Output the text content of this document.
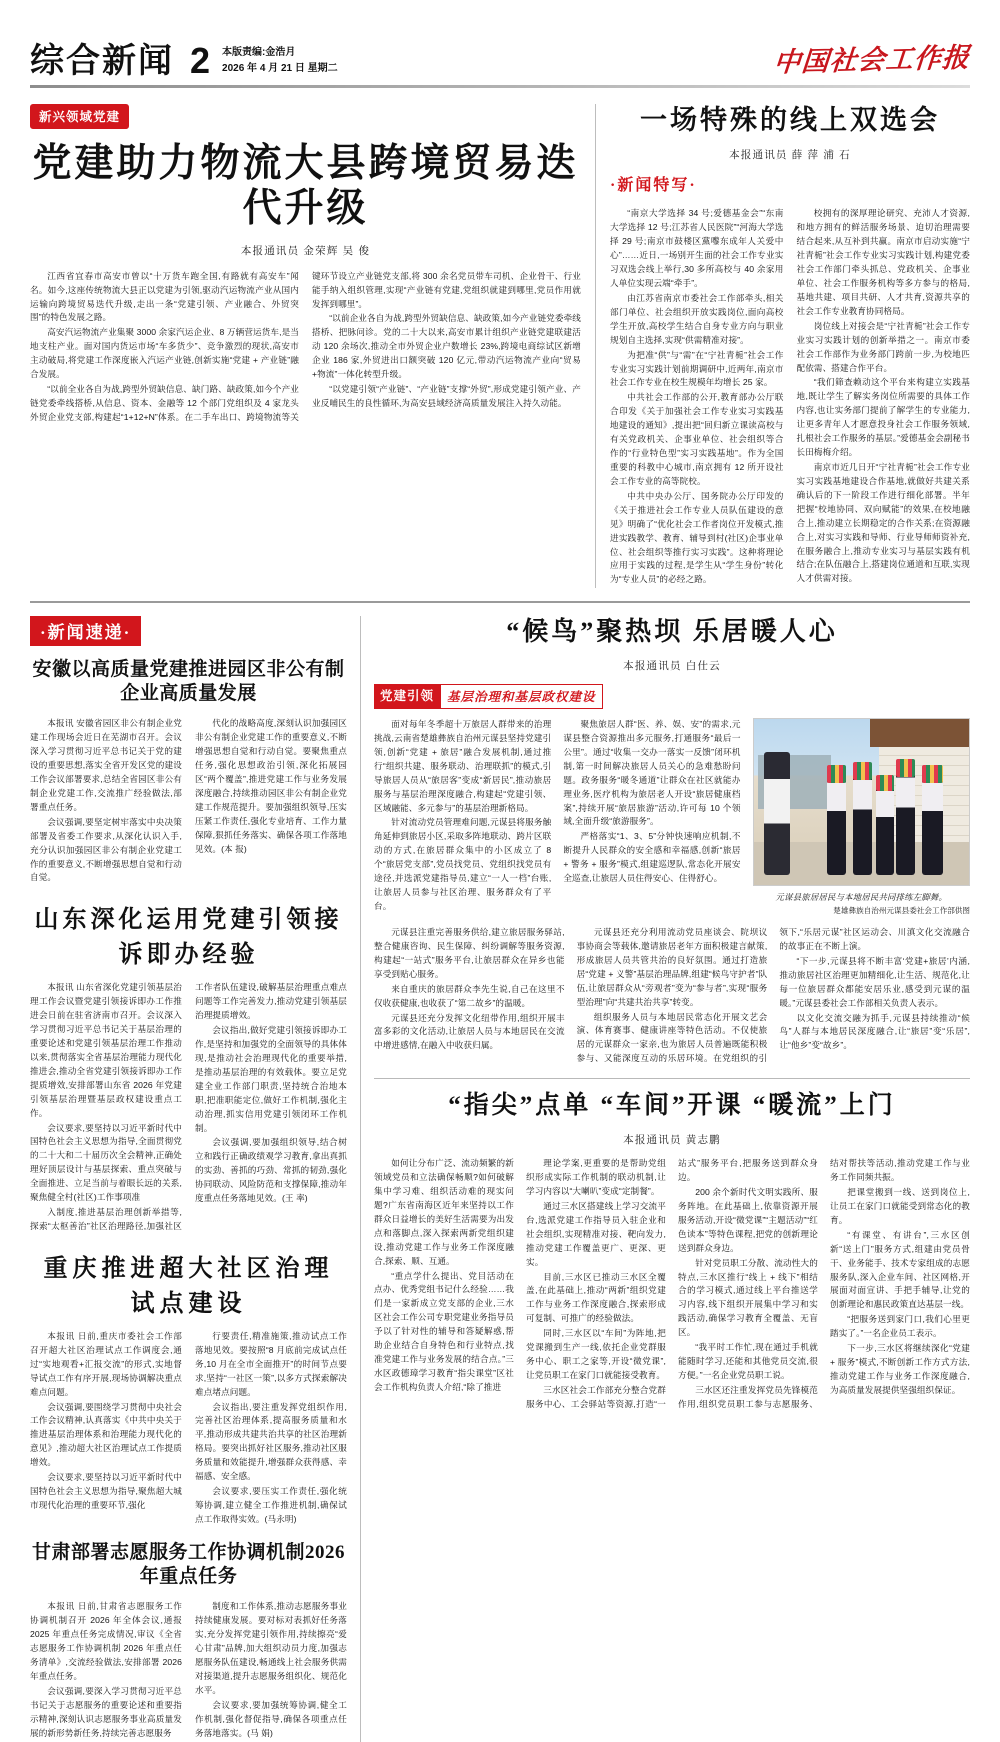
综合新闻 2 本版责编:金浩月
2026 年 4 月 21 日 星期二	中国社会工作报
新兴领域党建
党建助力物流大县跨境贸易迭代升级
本报通讯员 金荣辉 吴 俊

江西省宜春市高安市曾以“十万货车跑全国,有路就有高安车”闻名。如今,这座传统物流大县正以党建为引领,驱动汽运物流产业从国内运输向跨境贸易迭代升级,走出一条“党建引领、产业融合、外贸突围”的特色发展之路。

高安汽运物流产业集聚 3000 余家汽运企业、8 万辆营运货车,是当地支柱产业。面对国内货运市场“车多货少”、竞争激烈的现状,高安市主动破局,将党建工作深度嵌入汽运产业链,创新实施“党建 + 产业链”融合发展。

“以前全业各自为战,跨型外贸缺信息、缺门路、缺政策,如今个产业链党委牵线搭桥,从信息、资本、金融等 12 个部门党组织及 4 家龙头外贸企业党支部,构建起“1+12+N”体系。在二手车出口、跨境物流等关键环节设立产业链党支部,将 300 余名党员带车司机、企业骨干、行业能手纳入组织管理,实现“产业链有党建,党组织就建到哪里,党员作用就发挥到哪里”。

“以前企业各自为战,跨型外贸缺信息、缺政策,如今产业链党委牵线搭桥、把脉问诊。党的二十大以来,高安市累计组织产业链党建联建活动 120 余场次,推动全市外贸企业户数增长 23%,跨境电商综试区新增企业 186 家,外贸进出口额突破 120 亿元,带动汽运物流产业向“贸易+物流”一体化转型升级。

“以党建引领“产业链”、“产业链”支撑“外贸”,形成党建引领产业、产业反哺民生的良性循环,为高安县域经济高质量发展注入持久动能。

一场特殊的线上双选会
本报通讯员 薛 萍 浦 石
·新闻特写·

“南京大学选择 34 号;爱德基金会”“东南大学选择 12 号;江苏省人民医院”“河海大学选择 29 号;南京市鼓楼区黨嚟东成年人关爱中心”……近日,一场别开生面的社会工作专业实习双选会线上举行,30 多所高校与 40 余家用人单位实现云端“牵手”。

由江苏省南京市委社会工作部牵头,相关部门单位、社会组织开放实践岗位,面向高校学生开放,高校学生结合自身专业方向与职业规划自主选择,实现“供需精准对接”。

为把准“供”与“需”在“宁社青栀”社会工作专业实习实践计划前期调研中,近两年,南京市社会工作专业在校生规模年均增长 25 家。

中共社会工作部的公开,教育部办公厅联合印发《关于加强社会工作专业实习实践基地建设的通知》,提出把“回归新立课读高校与有关党政机关、企事业单位、社会组织等合作的“行业特色型”实习实践基地”。作为全国重要的科教中心城市,南京拥有 12 所开设社会工作专业的高等院校。

中共中央办公厅、国务院办公厅印发的《关于推进社会工作专业人员队伍建设的意见》明确了“优化社会工作者岗位开发模式,推进实践教学、教育、辅导到村(社区)企事业单位、社会组织等推行实习实践”。这种将理论应用于实践的过程,是学生从“学生身份”转化为“专业人员”的必经之路。

校拥有的深厚理论研究、充沛人才资源,和地方拥有的鲜活服务场景、迫切治理需要结合起来,从互补到共赢。南京市启动实施“宁社青栀”社会工作专业实习实践计划,构建党委社会工作部门牵头抓总、党政机关、企事业单位、社会工作服务机构等多方参与的格局,基地共建、项目共研、人才共育,资源共享的社会工作专业教育协同格局。

岗位线上对接会是“宁社青栀”社会工作专业实习实践计划的创新举措之一。南京市委社会工作部作为业务部门跨前一步,为校地匹配依需、搭建合作平台。

“我们筛查赖动这个平台来构建立实践基地,既让学生了解实务岗位所需要的具体工作内容,也让实务部门提前了解学生的专业能力,让更多青年人才愿意投身社会工作服务领域,扎根社会工作服务的基层。”爱德基金会副秘书长田梅梅介绍。

南京市近几日开“宁社青栀”社会工作专业实习实践基地建设合作基地,就做好共建关系确认后的下一阶段工作进行细化部署。半年把握“校地协同、双向赋能”的效果,在校地融合上,推动建立长期稳定的合作关系;在资源融合上,对实习实践和导师、行业导师师资补充,在服务融合上,推动专业实习与基层实践有机结合;在队伍融合上,搭建岗位通道和互联,实现人才供需对接。

·新闻速递·
安徽以高质量党建推进园区非公有制企业高质量发展

本报讯 安徽省园区非公有制企业党建工作现场会近日在芜湖市召开。会议深入学习贯彻习近平总书记关于党的建设的重要思想,落实全省开发区党的建设工作会议部署要求,总结全省园区非公有制企业党建工作,交流推广经验做法,部署重点任务。

会议强调,要坚定树牢落实中央决策部署及省委工作要求,从深化认识入手,充分认识加强园区非公有制企业党建工作的重要意义,不断增强思想自觉和行动自觉。

代化的战略高度,深刻认识加强园区非公有制企业党建工作的重要意义,不断增强思想自觉和行动自觉。要聚焦重点任务,强化思想政治引领,深化拓展园区“两个覆盖”,推进党建工作与业务发展深度融合,持续推动园区非公有制企业党建工作规范提升。要加强组织领导,压实压紧工作责任,强化专业培育、工作力量保障,狠抓任务落实、确保各项工作落地见效。(本 报)

山东深化运用党建引领接诉即办经验

本报讯 山东省深化党建引领基层治理工作会议暨党建引领接诉即办工作推进会日前在驻省济南市召开。会议深入学习贯彻习近平总书记关于基层治理的重要论述和党建引领基层治理工作推动以来,贯彻落实全省基层治理能力现代化推进会,推动全省党建引领接诉即办工作提质增效,安排部署山东省 2026 年党建引领基层治理暨基层政权建设重点工作。

会议要求,要坚持以习近平新时代中国特色社会主义思想为指导,全面贯彻党的二十大和二十届历次全会精神,正确处理好顶层设计与基层探索、重点突破与全面推进、立足当前与着眼长远的关系,聚焦健全村(社区)工作事项准

入制度,推进基层治理创新举措等,探索“太枢善治”社区治理路径,加强社区工作者队伍建设,破解基层治理重点难点问题等工作完善发力,推动党建引领基层治理提质增效。

会议指出,做好党建引领接诉即办工作,是坚持和加强党的全面领导的具体体现,是推动社会治理现代化的重要举措,是推动基层治理的有效载体。要立足党建全业工作部门职责,坚持统合治地本职,把准职能定位,做好工作机制,强化主动治理,抓实信用党建引领闭环工作机制。

会议强调,要加强组织领导,结合树立和践行正确政绩观学习教育,拿出真抓的实劲、善抓的巧劲、常抓的韧劲,强化协同联动、风险防范和支撑保障,推动年度重点任务落地见效。(王 率)

重庆推进超大社区治理试点建设

本报讯 日前,重庆市委社会工作部召开超大社区治理试点工作调度会,通过“实地观看+汇报交流”的形式,实地督导试点工作有序开展,现场协调解决重点难点问题。

会议强调,要围绕学习贯彻中央社会工作会议精神,认真落实《中共中央关于推进基层治理体系和治理能力现代化的意见》,推动超大社区治理试点工作提质增效。

会议要求,要坚持以习近平新时代中国特色社会主义思想为指导,聚焦超大城市现代化治理的重要环节,强化

行要责任,精准施策,推动试点工作落地见效。要按照“8 月底前完成试点任务,10 月在全市全面推开”的时间节点要求,坚持“一社区一策”,以多方式探索解决难点堵点问题。

会议指出,要注重发挥党组织作用,完善社区治理体系,提高服务质量和水平,推动形成共建共治共享的社区治理新格局。要突出抓好社区服务,推动社区服务质量和效能提升,增强群众获得感、幸福感、安全感。

会议要求,要压实工作责任,强化统筹协调,建立健全工作推进机制,确保试点工作取得实效。(马永明)

甘肃部署志愿服务工作协调机制2026年重点任务

本报讯 日前,甘肃省志愿服务工作协调机制召开 2026 年全体会议,通报 2025 年重点任务完成情况,审议《全省志愿服务工作协调机制 2026 年重点任务清单》,交流经验做法,安排部署 2026 年重点任务。

会议强调,要深入学习贯彻习近平总书记关于志愿服务的重要论述和重要指示精神,深刻认识志愿服务事业高质量发展的新形势新任务,持续完善志愿服务

制度和工作体系,推动志愿服务事业持续健康发展。要对标对表抓好任务落实,充分发挥党建引领作用,持续擦亮“爱心甘肃”品牌,加大组织动员力度,加强志愿服务队伍建设,畅通线上社会服务供需对接渠道,提升志愿服务组织化、规范化水平。

会议要求,要加强统筹协调,健全工作机制,强化督促指导,确保各项重点任务落地落实。(马 娟)

“候鸟”聚热坝 乐居暖人心
本报通讯员 白仕云
党建引领	基层治理和基层政权建设

面对每年冬季超十万旅居人群带来的治理挑战,云南省楚雄彝族自治州元谋县坚持党建引领,创新“党建 + 旅居”融合发展机制,通过推行“组织共建、服务联动、治理联抓”的模式,引导旅居人员从“旅居客”变成“新居民”,推动旅居服务与基层治理深度融合,构建起“党建引领、区域融能、多元参与”的基层治理新格局。

针对流动党员管理难问题,元谋县将服务触角延伸到旅居小区,采取多阵地联动、跨片区联动的方式,在旅居群众集中的小区成立了 8 个“旅居党支部”,党员找党员、党组织找党员有途径,并选派党建指导员,建立“一人一档”台账,让旅居人员参与社区治理、服务群众有了平台。

聚焦旅居人群“医、养、娱、安”的需求,元谋县整合资源推出多元服务,打通服务“最后一公里”。通过“收集一交办一落实一反馈”闭环机制,第一时间解决旅居人员关心的急难愁盼问题。政务服务“暖冬通道”让群众在社区就能办理业务,医疗机构为旅居老人开设“旅居健康档案”,持续开展“旅居旅游”活动,许可每 10 个领域,全面升级“旅游服务”。

严格落实“1、3、5”分钟快速响应机制,不断提升人民群众的安全感和幸福感,创新“旅居 + 警务 + 服务”模式,组建巡逻队,常态化开展安全巡查,让旅居人员住得安心、住得舒心。

元谋县旅居居民与本地居民共同排练左脚舞。
楚雄彝族自治州元谋县委社会工作部供图

元谋县注重完善服务供给,建立旅居服务驿站,整合健康咨询、民生保障、纠纷调解等服务资源,构建起“一站式”服务平台,让旅居群众在异乡也能享受到贴心服务。

来自重庆的旅居群众李先生说,自己在这里不仅收获健康,也收获了“第二故乡”的温暖。

元谋县还充分发挥文化纽带作用,组织开展丰富多彩的文化活动,让旅居人员与本地居民在交流中增进感情,在融入中收获归属。

元谋县还充分利用流动党员座谈会、院坝议事协商会等载体,邀请旅居老年方面积极建言献策,形成旅居人员共管共治的良好氛围。通过打造旅居“党建 + 义警”基层治理品牌,组建“候鸟守护者”队伍,让旅居群众从“旁观者”变为“参与者”,实现“服务型治理”向“共建共治共享”转变。

组织服务人员与本地居民常态化开展文艺会演、体育赛事、健康讲座等特色活动。不仅使旅居的元谋群众一家亲,也为旅居人员普遍既能积极参与、又能深度互动的乐居环境。在党组织的引领下,“乐居元谋”社区运动会、川滇文化交流融合的故事正在不断上演。

“下一步,元谋县将不断丰富‘党建+旅居’内涵,推动旅居社区治理更加精细化,让生活、规范化,让每一位旅居群众都能安居乐业,感受到元谋的温暖。”元谋县委社会工作部相关负责人表示。

以文化交流交融为抓手,元谋县持续推动“候鸟”人群与本地居民深度融合,让“旅居”变“乐居”,让“他乡”变“故乡”。

“指尖”点单 “车间”开课 “暖流”上门
本报通讯员 黄志鹏

如何让分布广泛、流动频繁的新领域党员和立法确保畅顺?如何破解集中学习难、组织活动难的现实问题?广东省南海区近年来坚持以工作群众日益增长的美好生活需要为出发点和落脚点,深入探索两新党组织建设,推动党建工作与业务工作深度融合,探索、顺、互通。

“重点学什么提出、党目活动在点办、优秀党组书记什么经验……我们是一家新成立党支部的企业,三水区社会工作公司专职党建业务指导员予以了针对性的辅导和答疑解惑,帮助企业结合自身特色和行业特点,找准党建工作与业务发展的结合点。”三水区政德璋学习教育“指尖课堂”区社会工作机构负责人介绍,“除了推进

理论学案,更重要的是帮助党组织形成实际工作机制的联动机制,让学习内容以“大喇叭”变成“定制餐”。

通过三水区搭建线上学习交流平台,选派党建工作指导员入驻企业和社会组织,实现精准对接、靶向发力,推动党建工作覆盖更广、更深、更实。

目前,三水区已推动三水区全覆盖,在此基础上,推动“两新”组织党建工作与业务工作深度融合,探索形成可复制、可推广的经验做法。

同时,三水区以“车间”为阵地,把党课搬到生产一线,依托企业党群服务中心、职工之家等,开设“微党课”,让党员职工在家门口就能接受教育。

三水区社会工作部充分整合党群服务中心、工会驿站等资源,打造“一站式”服务平台,把服务送到群众身边。

200 余个新时代文明实践所、服务阵地。在此基础上,依靠资源开展服务活动,开设“微党课”“主题活动”“红色读本”等特色课程,把党的创新理论送到群众身边。

针对党员职工分散、流动性大的特点,三水区推行“线上 + 线下”相结合的学习模式,通过线上平台推送学习内容,线下组织开展集中学习和实践活动,确保学习教育全覆盖、无盲区。

“我平时工作忙,现在通过手机就能随时学习,还能和其他党员交流,很方便。”一名企业党员职工说。

三水区还注重发挥党员先锋模范作用,组织党员职工参与志愿服务、结对帮扶等活动,推动党建工作与业务工作同频共振。

把课堂搬到一线、送到岗位上,让员工在家门口就能受到常态化的教育。

“有课堂、有讲台”,三水区创新“送上门”服务方式,组建由党员骨干、业务能手、技术专家组成的志愿服务队,深入企业车间、社区网格,开展面对面宣讲、手把手辅导,让党的创新理论和惠民政策直达基层一线。

“把服务送到家门口,我们心里更踏实了。”一名企业员工表示。

下一步,三水区将继续深化“党建 + 服务”模式,不断创新工作方式方法,推动党建工作与业务工作深度融合,为高质量发展提供坚强组织保证。
